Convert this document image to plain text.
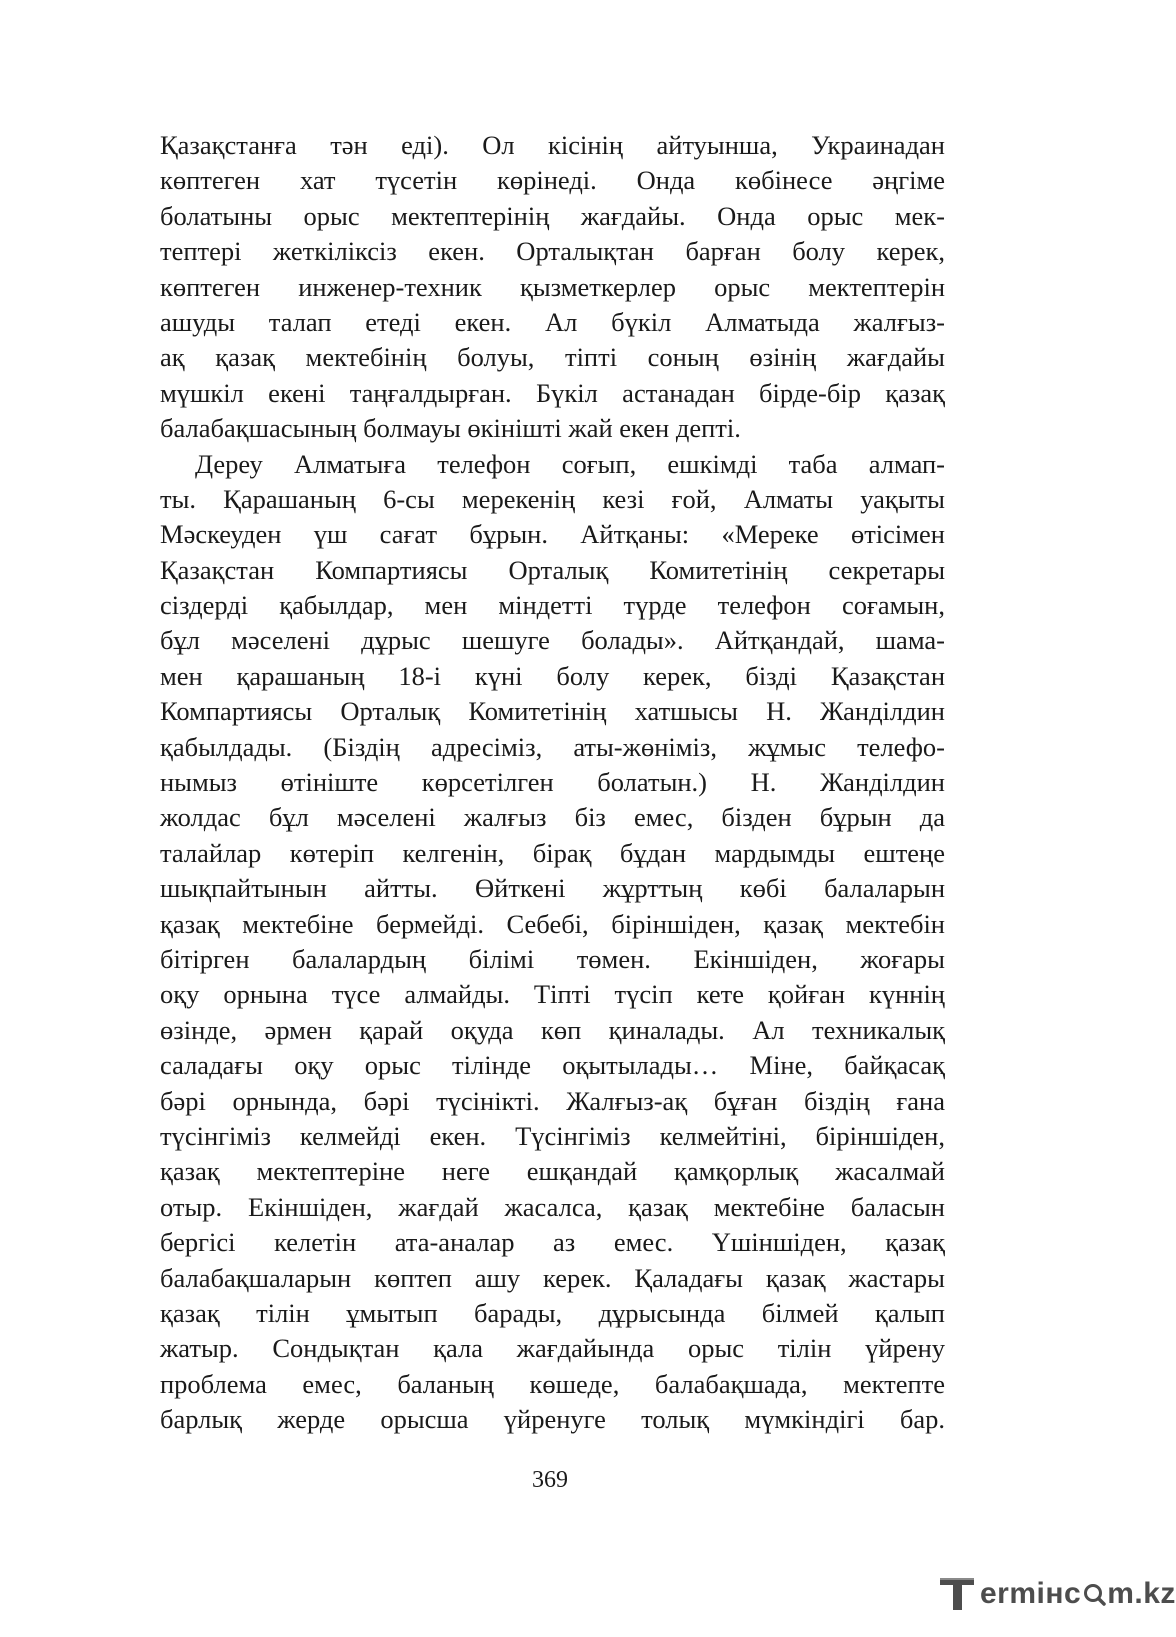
Қазақстанға тән еді). Ол кісінің айтуынша, Украинадан
көптеген хат түсетін көрінеді. Онда көбінесе әңгіме
болатыны орыс мектептерінің жағдайы. Онда орыс мек-
тептері жеткіліксіз екен. Орталықтан барған болу керек,
көптеген инженер-техник қызметкерлер орыс мектептерін
ашуды талап етеді екен. Ал бүкіл Алматыда жалғыз-
ақ қазақ мектебінің болуы, тіпті соның өзінің жағдайы
мүшкіл екені таңғалдырған. Бүкіл астанадан бірде-бір қазақ
балабақшасының болмауы өкінішті жай екен депті.
Дереу Алматыға телефон соғып, ешкімді таба алмап-
ты. Қарашаның 6-сы мерекенің кезі ғой, Алматы уақыты
Мәскеуден үш сағат бұрын. Айтқаны: «Мереке өтісімен
Қазақстан Компартиясы Орталық Комитетінің секретары
сіздерді қабылдар, мен міндетті түрде телефон соғамын,
бұл мәселені дұрыс шешуге болады». Айтқандай, шама-
мен қарашаның 18-і күні болу керек, бізді Қазақстан
Компартиясы Орталық Комитетінің хатшысы Н. Жанділдин
қабылдады. (Біздің адресіміз, аты-жөніміз, жұмыс телефо-
нымыз өтініште көрсетілген болатын.) Н. Жанділдин
жолдас бұл мәселені жалғыз біз емес, бізден бұрын да
талайлар көтеріп келгенін, бірақ бұдан мардымды ештеңе
шықпайтынын айтты. Өйткені жұрттың көбі балаларын
қазақ мектебіне бермейді. Себебі, біріншіден, қазақ мектебін
бітірген балалардың білімі төмен. Екіншіден, жоғары
оқу орнына түсе алмайды. Тіпті түсіп кете қойған күннің
өзінде, әрмен қарай оқуда көп қиналады. Ал техникалық
саладағы оқу орыс тілінде оқытылады… Міне, байқасақ
бәрі орнында, бәрі түсінікті. Жалғыз-ақ бұған біздің ғана
түсінгіміз келмейді екен. Түсінгіміз келмейтіні, біріншіден,
қазақ мектептеріне неге ешқандай қамқорлық жасалмай
отыр. Екіншіден, жағдай жасалса, қазақ мектебіне баласын
бергісі келетін ата-аналар аз емес. Үшіншіден, қазақ
балабақшаларын көптеп ашу керек. Қаладағы қазақ жастары
қазақ тілін ұмытып барады, дұрысында білмей қалып
жатыр. Сондықтан қала жағдайында орыс тілін үйрену
проблема емес, баланың көшеде, балабақшада, мектепте
барлық жерде орысша үйренуге толық мүмкіндігі бар.
369
ermінc m.kz
